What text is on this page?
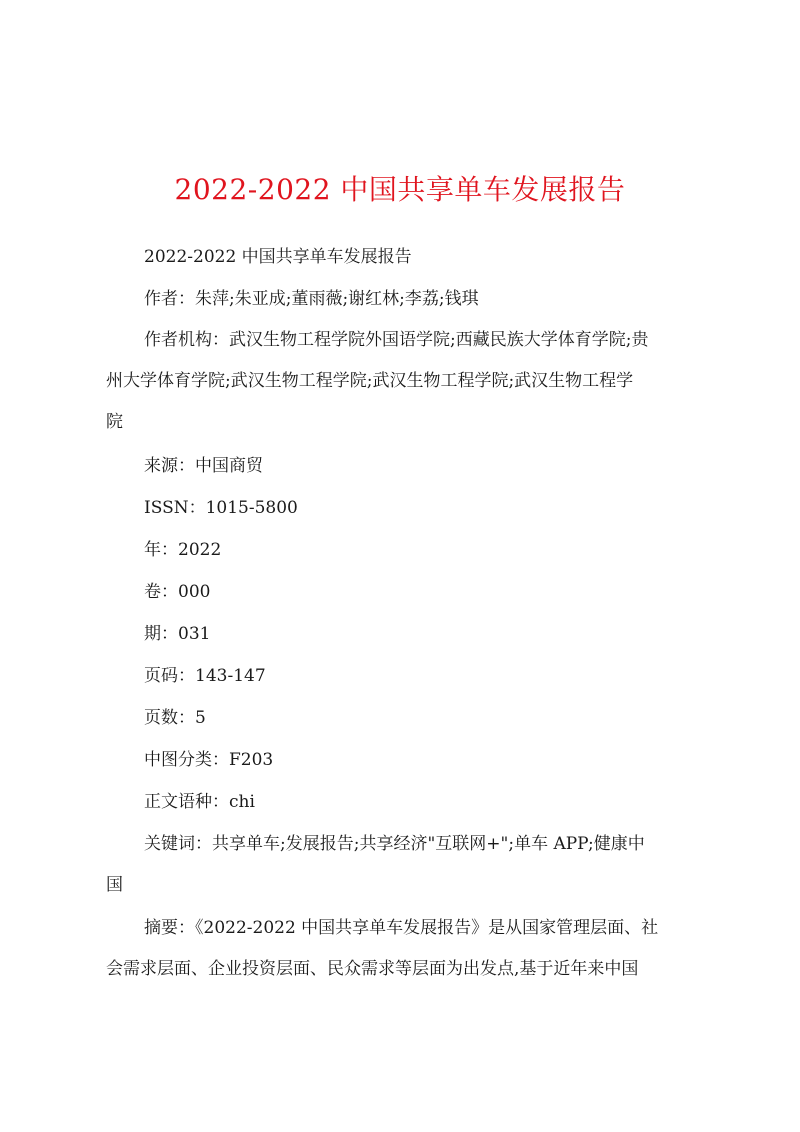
2022-2022 中国共享单车发展报告
2022-2022 中国共享单车发展报告
作者：朱萍;朱亚成;董雨薇;谢红林;李荔;钱琪
作者机构：武汉生物工程学院外国语学院;西藏民族大学体育学院;贵
州大学体育学院;武汉生物工程学院;武汉生物工程学院;武汉生物工程学
院
来源：中国商贸
ISSN：1015-5800
年：2022
卷：000
期：031
页码：143-147
页数：5
中图分类：F203
正文语种：chi
关键词：共享单车;发展报告;共享经济"互联网+";单车 APP;健康中
国
摘要：《2022-2022 中国共享单车发展报告》是从国家管理层面、社
会需求层面、企业投资层面、民众需求等层面为出发点,基于近年来中国
